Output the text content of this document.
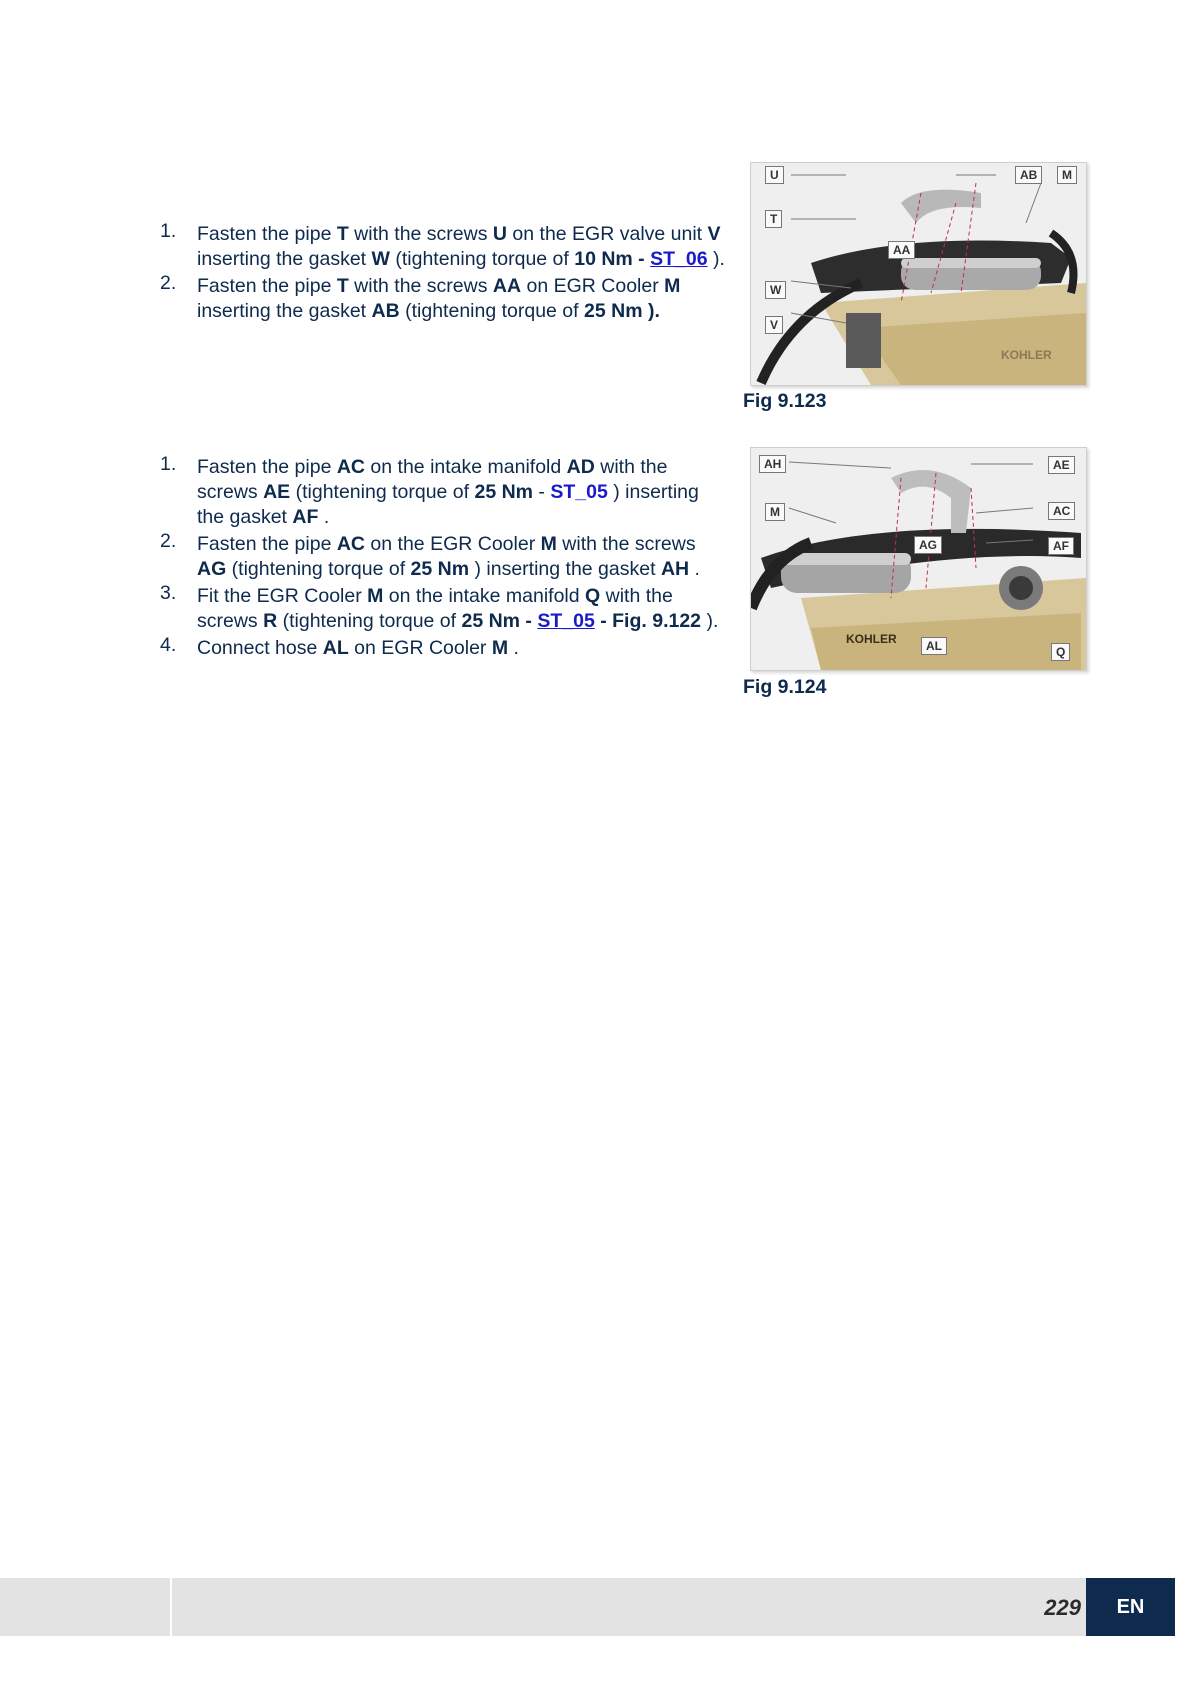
1. Fasten the pipe T with the screws U on the EGR valve unit V inserting the gasket W (tightening torque of 10 Nm - ST_06 ).
2. Fasten the pipe T with the screws AA on EGR Cooler M inserting the gasket AB (tightening torque of 25 Nm ).
KOHLER
U
T
W
V
AA
AB	M
Fig 9.123
1. Fasten the pipe AC on the intake manifold AD with the screws AE (tightening torque of 25 Nm - ST_05 ) inserting the gasket AF .
2. Fasten the pipe AC on the EGR Cooler M with the screws AG (tightening torque of 25 Nm ) inserting the gasket AH .
3. Fit the EGR Cooler M on the intake manifold Q with the screws R (tightening torque of 25 Nm - ST_05 - Fig. 9.122 ).
4. Connect hose AL on EGR Cooler M .	KOHLER
AH
M
AE
AC
AF
AG
AL	Q
Fig 9.124
229 EN
